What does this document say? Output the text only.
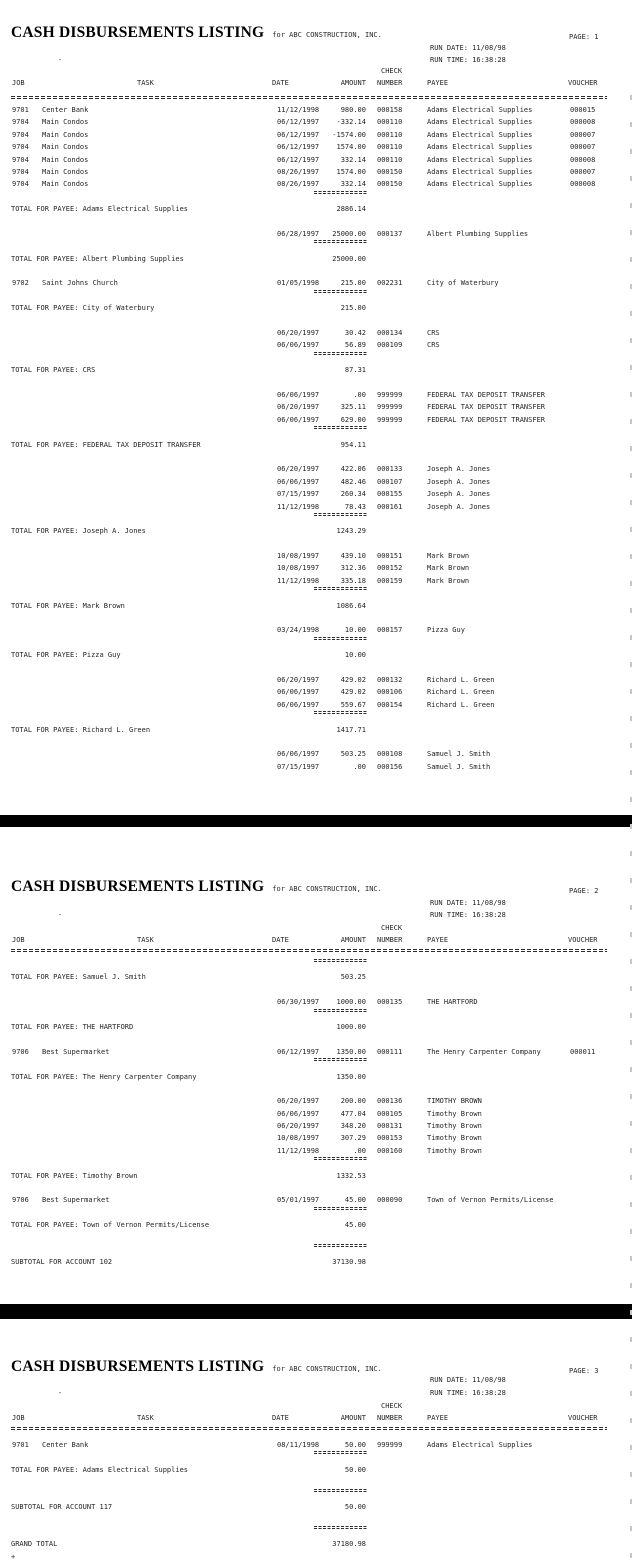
CASH DISBURSEMENTS LISTING for ABC CONSTRUCTION, INC.	PAGE: 1
RUN DATE: 11/08/98
RUN TIME: 16:38:28
-
CHECK
JOB	TASK	DATE	AMOUNT NUMBER	PAYEE	VOUCHER
9701 Center Bank	11/12/1998	980.00 000158	Adams Electrical Supplies	000015
9704 Main Condos	06/12/1997	-332.14 000110	Adams Electrical Supplies	000008
9704 Main Condos	06/12/1997	-1574.00 000110	Adams Electrical Supplies	000007
9704 Main Condos	06/12/1997	1574.00 000110	Adams Electrical Supplies	000007
9704 Main Condos	06/12/1997	332.14 000110	Adams Electrical Supplies	000008
9704 Main Condos	08/26/1997	1574.00 000150	Adams Electrical Supplies	000007
9704 Main Condos	08/26/1997	332.14 000150	Adams Electrical Supplies	000008
TOTAL FOR PAYEE: Adams Electrical Supplies	2886.14
06/28/1997	25000.00 000137	Albert Plumbing Supplies
TOTAL FOR PAYEE: Albert Plumbing Supplies	25000.00
9702 Saint Johns Church	01/05/1998	215.00 002231	City of Waterbury
TOTAL FOR PAYEE: City of Waterbury	215.00
06/20/1997	30.42 000134	CRS
06/06/1997	56.89 000109	CRS
TOTAL FOR PAYEE: CRS	87.31
06/06/1997	.00 999999	FEDERAL TAX DEPOSIT TRANSFER
06/20/1997	325.11 999999	FEDERAL TAX DEPOSIT TRANSFER
06/06/1997	629.00 999999	FEDERAL TAX DEPOSIT TRANSFER
TOTAL FOR PAYEE: FEDERAL TAX DEPOSIT TRANSFER	954.11
06/20/1997	422.06 000133	Joseph A. Jones
06/06/1997	482.46 000107	Joseph A. Jones
07/15/1997	260.34 000155	Joseph A. Jones
11/12/1998	78.43 000161	Joseph A. Jones
TOTAL FOR PAYEE: Joseph A. Jones	1243.29
10/08/1997	439.10 000151	Mark Brown
10/08/1997	312.36 000152	Mark Brown
11/12/1998	335.18 000159	Mark Brown
TOTAL FOR PAYEE: Mark Brown	1086.64
03/24/1998	10.00 000157	Pizza Guy
TOTAL FOR PAYEE: Pizza Guy	10.00
06/20/1997	429.02 000132	Richard L. Green
06/06/1997	429.02 000106	Richard L. Green
06/06/1997	559.67 000154	Richard L. Green
TOTAL FOR PAYEE: Richard L. Green	1417.71
06/06/1997	503.25 000108	Samuel J. Smith
07/15/1997	.00 000156	Samuel J. Smith
CASH DISBURSEMENTS LISTING for ABC CONSTRUCTION, INC.	PAGE: 2
RUN DATE: 11/08/98
RUN TIME: 16:38:28
-
CHECK
JOB	TASK	DATE	AMOUNT NUMBER	PAYEE	VOUCHER
TOTAL FOR PAYEE: Samuel J. Smith	503.25
06/30/1997	1000.00 000135	THE HARTFORD
TOTAL FOR PAYEE: THE HARTFORD	1000.00
9706 Best Supermarket	06/12/1997	1350.00 000111	The Henry Carpenter Company	000011
TOTAL FOR PAYEE: The Henry Carpenter Company	1350.00
06/20/1997	200.00 000136	TIMOTHY BROWN
06/06/1997	477.04 000105	Timothy Brown
06/20/1997	348.20 000131	Timothy Brown
10/08/1997	307.29 000153	Timothy Brown
11/12/1998	.00 000160	Timothy Brown
TOTAL FOR PAYEE: Timothy Brown	1332.53
9706 Best Supermarket	05/01/1997	45.00 000090	Town of Vernon Permits/License
TOTAL FOR PAYEE: Town of Vernon Permits/License	45.00
SUBTOTAL FOR ACCOUNT 102	37130.98
CASH DISBURSEMENTS LISTING for ABC CONSTRUCTION, INC.	PAGE: 3
RUN DATE: 11/08/98
RUN TIME: 16:38:28
-
CHECK
JOB	TASK	DATE	AMOUNT NUMBER	PAYEE	VOUCHER
9701 Center Bank	08/11/1998	50.00 999999	Adams Electrical Supplies
TOTAL FOR PAYEE: Adams Electrical Supplies	50.00
SUBTOTAL FOR ACCOUNT 117	50.00
GRAND TOTAL	37180.98
+
